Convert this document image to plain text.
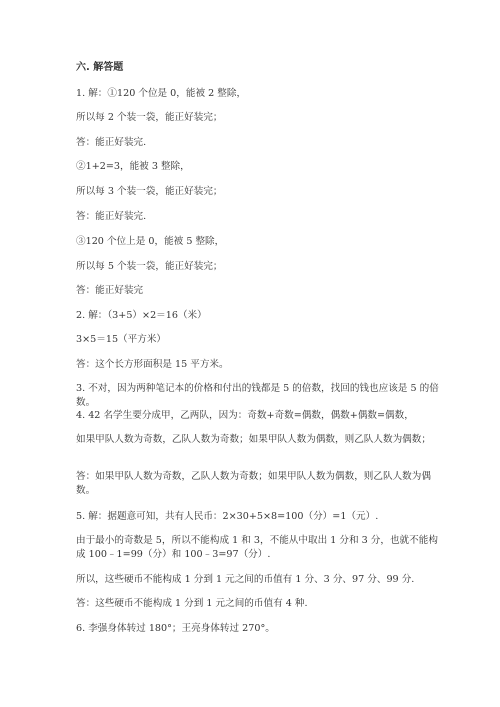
六. 解答题
1. 解：①120 个位是 0，能被 2 整除，
所以每 2 个装一袋，能正好装完；
答：能正好装完.
②1+2=3，能被 3 整除，
所以每 3 个装一袋，能正好装完；
答：能正好装完.
③120 个位上是 0，能被 5 整除，
所以每 5 个装一袋，能正好装完；
答：能正好装完
2. 解：（3+5）×2＝16（米）
3×5＝15（平方米）
答：这个长方形面积是 15 平方米。
3. 不对，因为两种笔记本的价格和付出的钱都是 5 的倍数，找回的钱也应该是 5 的倍数。
4. 42 名学生要分成甲，乙两队，因为：奇数+奇数=偶数，偶数+偶数=偶数，
如果甲队人数为奇数，乙队人数为奇数；如果甲队人数为偶数，则乙队人数为偶数；
答：如果甲队人数为奇数，乙队人数为奇数；如果甲队人数为偶数，则乙队人数为偶数。
5. 解：据题意可知，共有人民币：2×30+5×8=100（分）=1（元）.
由于最小的奇数是 5，所以不能构成 1 和 3，不能从中取出 1 分和 3 分，也就不能构成 100﹣1=99（分）和 100﹣3=97（分）.
所以，这些硬币不能构成 1 分到 1 元之间的币值有 1 分、3 分、97 分、99 分.
答：这些硬币不能构成 1 分到 1 元之间的币值有 4 种.
6. 李强身体转过 180°；王亮身体转过 270°。
